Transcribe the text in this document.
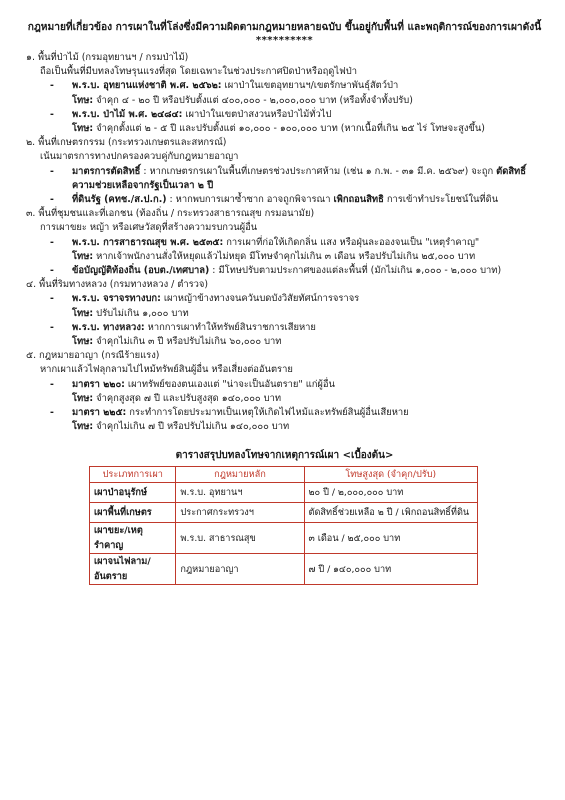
กฎหมายที่เกี่ยวข้อง การเผาในที่โล่งซึ่งมีความผิดตามกฎหมายหลายฉบับ ขึ้นอยู่กับพื้นที่ และพฤติการณ์ของการเผาดังนี้

**********

๑. พื้นที่ป่าไม้ (กรมอุทยานฯ / กรมป่าไม้)

ถือเป็นพื้นที่มีบทลงโทษรุนแรงที่สุด โดยเฉพาะในช่วงประกาศปิดป่าหรือฤดูไฟป่า

- พ.ร.บ. อุทยานแห่งชาติ พ.ศ. ๒๕๖๒: เผาป่าในเขตอุทยานฯ/เขตรักษาพันธุ์สัตว์ป่า

โทษ: จำคุก ๔ - ๒๐ ปี หรือปรับตั้งแต่ ๔๐๐,๐๐๐ - ๒,๐๐๐,๐๐๐ บาท (หรือทั้งจำทั้งปรับ)

- พ.ร.บ. ป่าไม้ พ.ศ. ๒๔๘๔: เผาป่าในเขตป่าสงวนหรือป่าไม้ทั่วไป

โทษ: จำคุกตั้งแต่ ๒ - ๕ ปี และปรับตั้งแต่ ๑๐,๐๐๐ - ๑๐๐,๐๐๐ บาท (หากเนื้อที่เกิน ๒๕ ไร่ โทษจะสูงขึ้น)

๒. พื้นที่เกษตรกรรม (กระทรวงเกษตรและสหกรณ์)

เน้นมาตรการทางปกครองควบคู่กับกฎหมายอาญา

- มาตรการตัดสิทธิ์ : หากเกษตรกรเผาในพื้นที่เกษตรช่วงประกาศห้าม (เช่น ๑ ก.พ. - ๓๑ มี.ค. ๒๕๖๙) จะถูก ตัดสิทธิ์ความช่วยเหลือจากรัฐเป็นเวลา ๒ ปี

- ที่ดินรัฐ (คทช./ส.ป.ก.) : หากพบการเผาซ้ำซาก อาจถูกพิจารณา เพิกถอนสิทธิ การเข้าทำประโยชน์ในที่ดิน

๓. พื้นที่ชุมชนและที่เอกชน (ท้องถิ่น / กระทรวงสาธารณสุข กรมอนามัย)

การเผาขยะ หญ้า หรือเศษวัสดุที่สร้างความรบกวนผู้อื่น

- พ.ร.บ. การสาธารณสุข พ.ศ. ๒๕๓๕: การเผาที่ก่อให้เกิดกลิ่น แสง หรือฝุ่นละอองจนเป็น "เหตุรำคาญ"

โทษ: หากเจ้าพนักงานสั่งให้หยุดแล้วไม่หยุด มีโทษจำคุกไม่เกิน ๓ เดือน หรือปรับไม่เกิน ๒๕,๐๐๐ บาท

- ข้อบัญญัติท้องถิ่น (อบต./เทศบาล) : มีโทษปรับตามประกาศของแต่ละพื้นที่ (มักไม่เกิน ๑,๐๐๐ - ๒,๐๐๐ บาท)

๔. พื้นที่ริมทางหลวง (กรมทางหลวง / ตำรวจ)

- พ.ร.บ. จราจรทางบก: เผาหญ้าข้างทางจนควันบดบังวิสัยทัศน์การจราจร

โทษ: ปรับไม่เกิน ๑,๐๐๐ บาท

- พ.ร.บ. ทางหลวง: หากการเผาทำให้ทรัพย์สินราชการเสียหาย

โทษ: จำคุกไม่เกิน ๓ ปี หรือปรับไม่เกิน ๖๐,๐๐๐ บาท

๕. กฎหมายอาญา (กรณีร้ายแรง)

หากเผาแล้วไฟลุกลามไปไหม้ทรัพย์สินผู้อื่น หรือเสี่ยงต่ออันตราย

- มาตรา ๒๒๐: เผาทรัพย์ของตนเองแต่ "น่าจะเป็นอันตราย" แก่ผู้อื่น

โทษ: จำคุกสูงสุด ๗ ปี และปรับสูงสุด ๑๔๐,๐๐๐ บาท

- มาตรา ๒๒๕: กระทำการโดยประมาทเป็นเหตุให้เกิดไฟไหม้และทรัพย์สินผู้อื่นเสียหาย

โทษ: จำคุกไม่เกิน ๗ ปี หรือปรับไม่เกิน ๑๔๐,๐๐๐ บาท

ตารางสรุปบทลงโทษจากเหตุการณ์เผา <เบื้องต้น>

ประเภทการเผา	กฎหมายหลัก	โทษสูงสุด (จำคุก/ปรับ)
เผาป่าอนุรักษ์	พ.ร.บ. อุทยานฯ	๒๐ ปี / ๒,๐๐๐,๐๐๐ บาท
เผาพื้นที่เกษตร	ประกาศกระทรวงฯ	ตัดสิทธิ์ช่วยเหลือ ๒ ปี / เพิกถอนสิทธิ์ที่ดิน
เผาขยะ/เหตุรำคาญ	พ.ร.บ. สาธารณสุข	๓ เดือน / ๒๕,๐๐๐ บาท
เผาจนไฟลาม/อันตราย	กฎหมายอาญา	๗ ปี / ๑๔๐,๐๐๐ บาท
